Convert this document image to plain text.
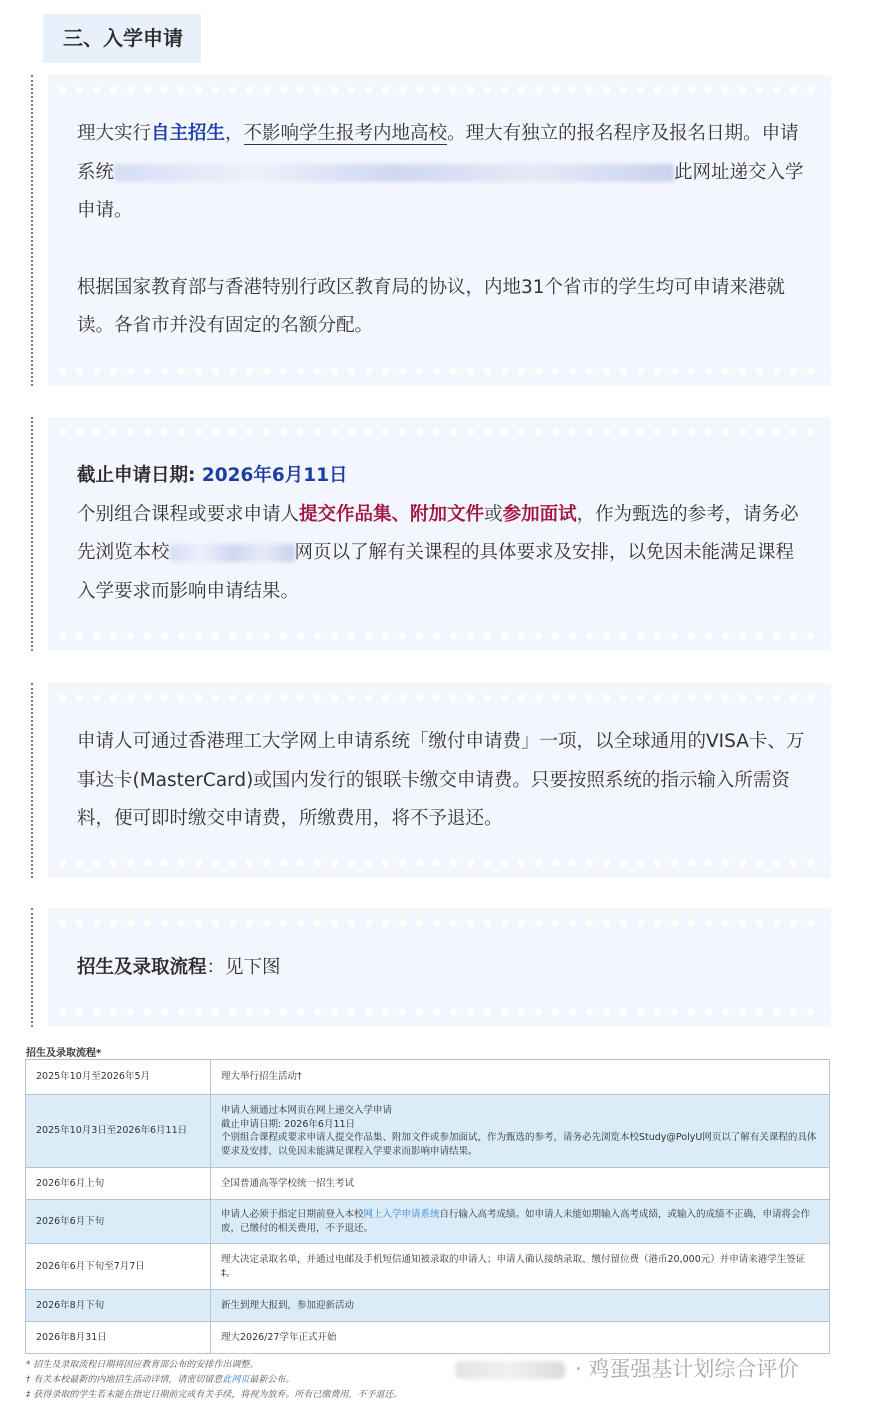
三、入学申请

理大实行自主招生，不影响学生报考内地高校。理大有独立的报名程序及报名日期。申请系统	此网址递交入学申请。

根据国家教育部与香港特别行政区教育局的协议，内地31个省市的学生均可申请来港就读。各省市并没有固定的名额分配。

截止申请日期: 2026年6月11日

个别组合课程或要求申请人提交作品集、附加文件或参加面试，作为甄选的参考，请务必先浏览本校	网页以了解有关课程的具体要求及安排，以免因未能满足课程入学要求而影响申请结果。

申请人可通过香港理工大学网上申请系统「缴付申请费」一项，以全球通用的VISA卡、万事达卡(MasterCard)或国内发行的银联卡缴交申请费。只要按照系统的指示输入所需资料，便可即时缴交申请费，所缴费用，将不予退还。
招生及录取流程：见下图
招生及录取流程*
2025年10月至2026年5月	理大举行招生活动†
2025年10月3日至2026年6月11日	申请人须通过本网页在网上递交入学申请
截止申请日期: 2026年6月11日
个别组合课程或要求申请人提交作品集、附加文件或参加面试，作为甄选的参考，请务必先浏览本校Study@PolyU网页以了解有关课程的具体要求及安排，以免因未能满足课程入学要求而影响申请结果。

2026年6月上旬	全国普通高等学校统一招生考试
2026年6月下旬	申请人必须于指定日期前登入本校网上入学申请系统自行输入高考成绩。如申请人未能如期输入高考成绩，或输入的成绩不正确，申请将会作废，已缴付的相关费用，不予退还。
2026年6月下旬至7月7日	理大决定录取名单，并通过电邮及手机短信通知被录取的申请人；申请人确认接纳录取、缴付留位费（港币20,000元）并申请来港学生签证‡。
2026年8月下旬	新生到理大报到，参加迎新活动
2026年8月31日	理大2026/27学年正式开始
* 招生及录取流程日期将因应教育部公布的安排作出调整。
† 有关本校最新的内地招生活动详情，请密切留意此网页最新公布。
‡ 获得录取的学生若未能在指定日期前完成有关手续，将视为放弃。所有已缴费用，不予退还。
· 鸡蛋强基计划综合评价
